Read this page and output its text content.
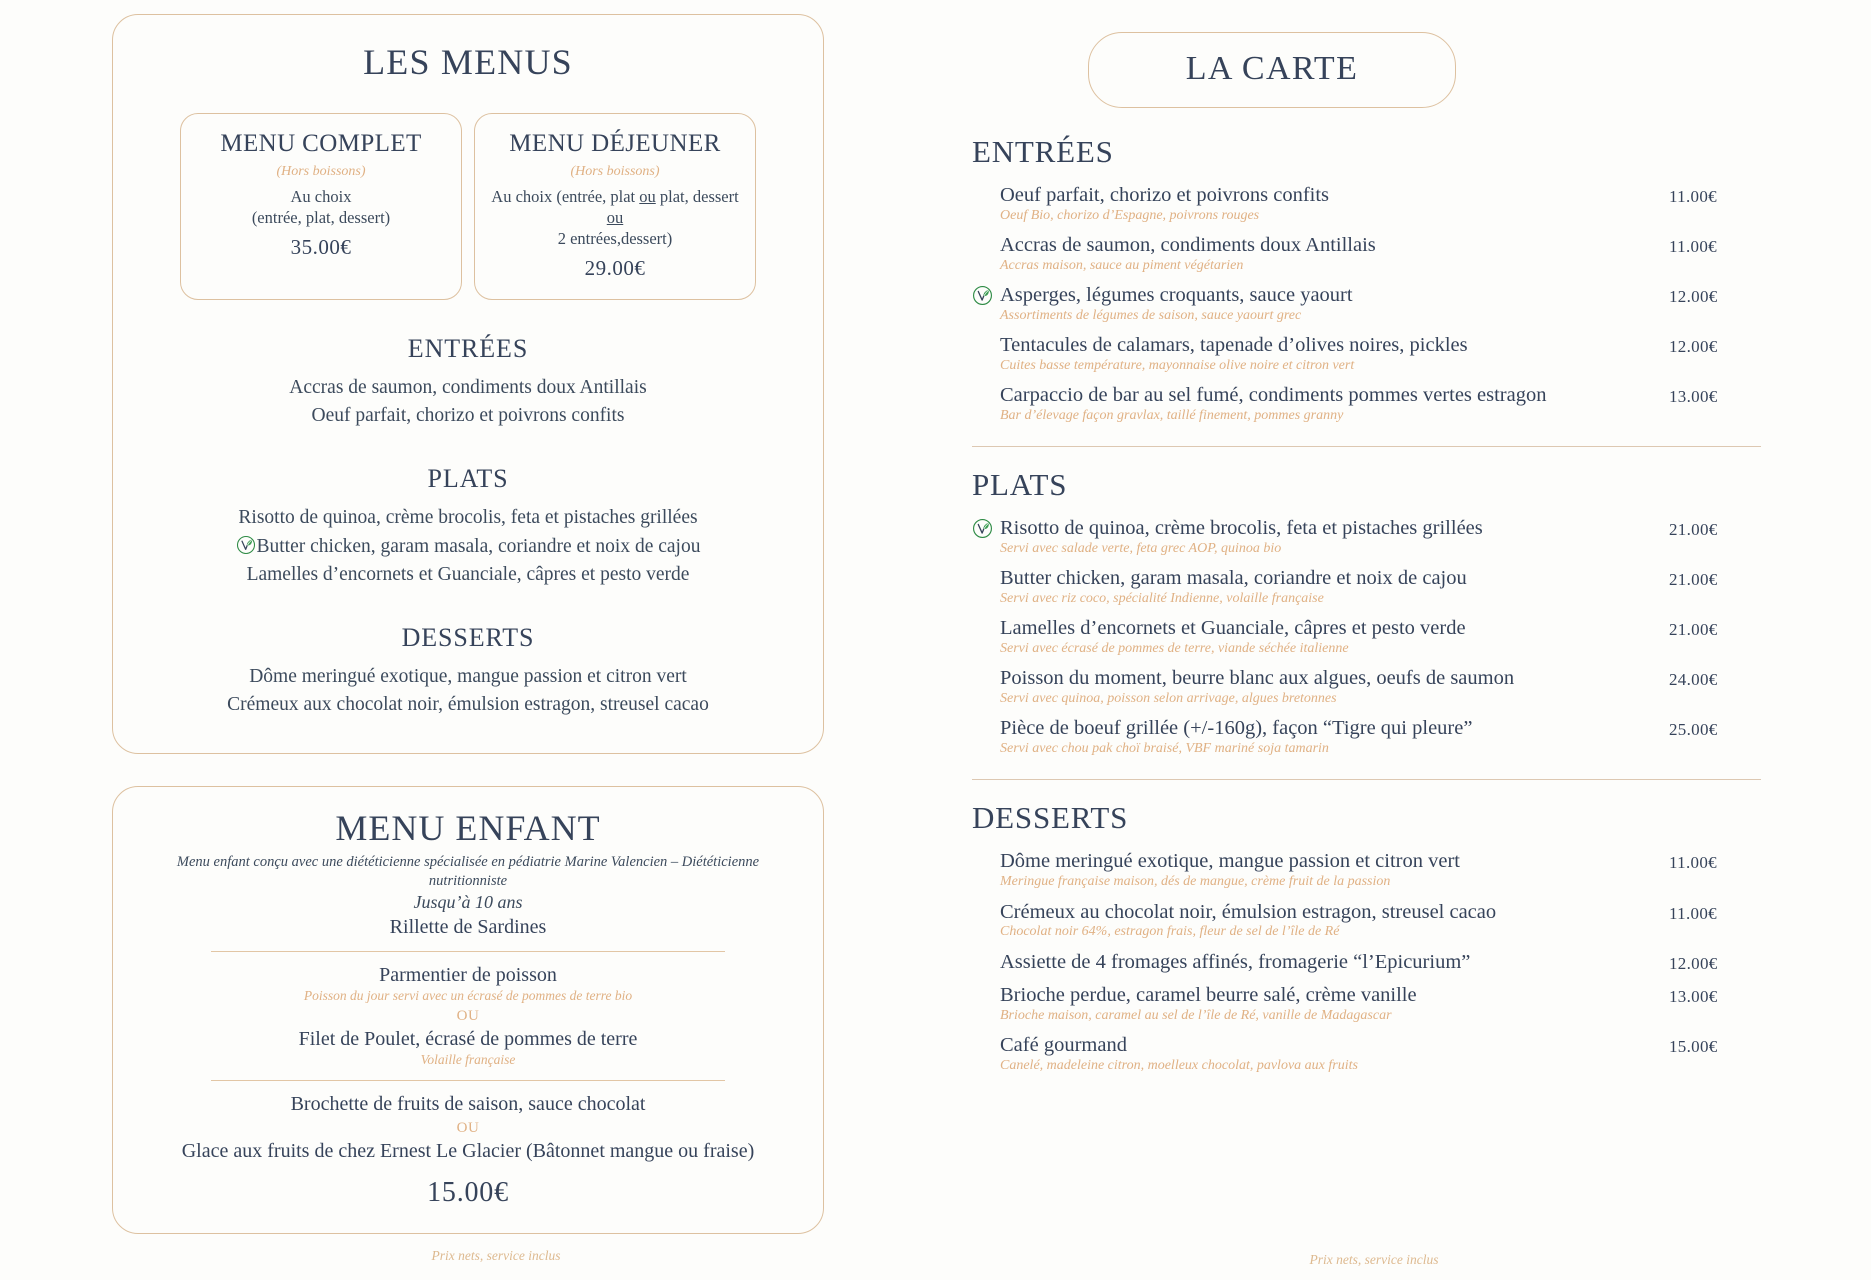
LES MENUS
MENU COMPLET
(Hors boissons)
Au choix
(entrée, plat, dessert)
35.00€
MENU DÉJEUNER
(Hors boissons)
Au choix (entrée, plat ou plat, dessert ou
2 entrées,dessert)
29.00€
ENTRÉES
Accras de saumon, condiments doux Antillais
Oeuf parfait, chorizo et poivrons confits
PLATS
Risotto de quinoa, crème brocolis, feta et pistaches grillées
Butter chicken, garam masala, coriandre et noix de cajou
Lamelles d’encornets et Guanciale, câpres et pesto verde
DESSERTS
Dôme meringué exotique, mangue passion et citron vert
Crémeux aux chocolat noir, émulsion estragon, streusel cacao
MENU ENFANT
Menu enfant conçu avec une diététicienne spécialisée en pédiatrie Marine Valencien – Diététicienne nutritionniste
Jusqu’à 10 ans
Rillette de Sardines
Parmentier de poisson
Poisson du jour servi avec un écrasé de pommes de terre bio
OU
Filet de Poulet, écrasé de pommes de terre
Volaille française
Brochette de fruits de saison, sauce chocolat
OU
Glace aux fruits de chez Ernest Le Glacier (Bâtonnet mangue ou fraise)
15.00€
Prix nets, service inclus
LA CARTE
ENTRÉES
Oeuf parfait, chorizo et poivrons confits
Oeuf Bio, chorizo d’Espagne, poivrons rouges
11.00€
Accras de saumon, condiments doux Antillais
Accras maison, sauce au piment végétarien
11.00€
Asperges, légumes croquants, sauce yaourt
Assortiments de légumes de saison, sauce yaourt grec
12.00€
Tentacules de calamars, tapenade d’olives noires, pickles
Cuites basse température, mayonnaise olive noire et citron vert
12.00€
Carpaccio de bar au sel fumé, condiments pommes vertes estragon
Bar d’élevage façon gravlax, taillé finement, pommes granny
13.00€
PLATS
Risotto de quinoa, crème brocolis, feta et pistaches grillées
Servi avec salade verte, feta grec AOP, quinoa bio
21.00€
Butter chicken, garam masala, coriandre et noix de cajou
Servi avec riz coco, spécialité Indienne, volaille française
21.00€
Lamelles d’encornets et Guanciale, câpres et pesto verde
Servi avec écrasé de pommes de terre, viande séchée italienne
21.00€
Poisson du moment, beurre blanc aux algues, oeufs de saumon
Servi avec quinoa, poisson selon arrivage, algues bretonnes
24.00€
Pièce de boeuf grillée (+/-160g), façon “Tigre qui pleure”
Servi avec chou pak choï braisé, VBF mariné soja tamarin
25.00€
DESSERTS
Dôme meringué exotique, mangue passion et citron vert
Meringue française maison, dés de mangue, crème fruit de la passion
11.00€
Crémeux au chocolat noir, émulsion estragon, streusel cacao
Chocolat noir 64%, estragon frais, fleur de sel de l’île de Ré
11.00€
Assiette de 4 fromages affinés, fromagerie “l’Epicurium”	12.00€
Brioche perdue, caramel beurre salé, crème vanille
Brioche maison, caramel au sel de l’île de Ré, vanille de Madagascar
13.00€
Café gourmand
Canelé, madeleine citron, moelleux chocolat, pavlova aux fruits
15.00€
Prix nets, service inclus
